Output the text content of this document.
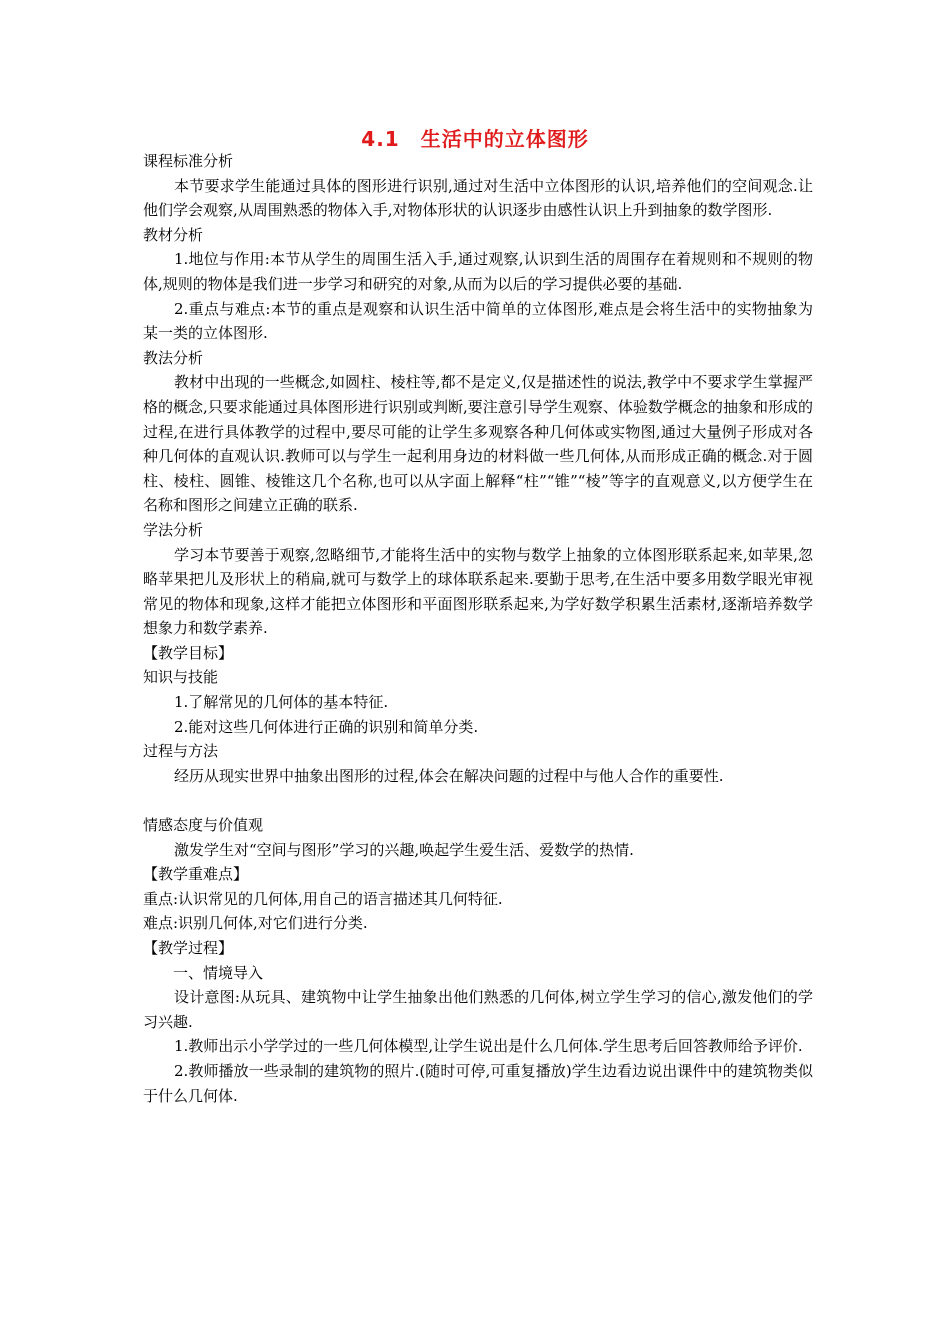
4.1　生活中的立体图形

课程标准分析

本节要求学生能通过具体的图形进行识别,通过对生活中立体图形的认识,培养他们的空间观念.让他们学会观察,从周围熟悉的物体入手,对物体形状的认识逐步由感性认识上升到抽象的数学图形.

教材分析

1.地位与作用:本节从学生的周围生活入手,通过观察,认识到生活的周围存在着规则和不规则的物体,规则的物体是我们进一步学习和研究的对象,从而为以后的学习提供必要的基础.

2.重点与难点:本节的重点是观察和认识生活中简单的立体图形,难点是会将生活中的实物抽象为某一类的立体图形.

教法分析

教材中出现的一些概念,如圆柱、棱柱等,都不是定义,仅是描述性的说法,教学中不要求学生掌握严格的概念,只要求能通过具体图形进行识别或判断,要注意引导学生观察、体验数学概念的抽象和形成的过程,在进行具体教学的过程中,要尽可能的让学生多观察各种几何体或实物图,通过大量例子形成对各种几何体的直观认识.教师可以与学生一起利用身边的材料做一些几何体,从而形成正确的概念.对于圆柱、棱柱、圆锥、棱锥这几个名称,也可以从字面上解释“柱”“锥”“棱”等字的直观意义,以方便学生在名称和图形之间建立正确的联系.

学法分析

学习本节要善于观察,忽略细节,才能将生活中的实物与数学上抽象的立体图形联系起来,如苹果,忽略苹果把儿及形状上的稍扁,就可与数学上的球体联系起来.要勤于思考,在生活中要多用数学眼光审视常见的物体和现象,这样才能把立体图形和平面图形联系起来,为学好数学积累生活素材,逐渐培养数学想象力和数学素养.

【教学目标】

知识与技能

1.了解常见的几何体的基本特征.

2.能对这些几何体进行正确的识别和简单分类.

过程与方法

经历从现实世界中抽象出图形的过程,体会在解决问题的过程中与他人合作的重要性.

情感态度与价值观

激发学生对“空间与图形”学习的兴趣,唤起学生爱生活、爱数学的热情.

【教学重难点】

重点:认识常见的几何体,用自己的语言描述其几何特征.

难点:识别几何体,对它们进行分类.

【教学过程】

一、情境导入

设计意图:从玩具、建筑物中让学生抽象出他们熟悉的几何体,树立学生学习的信心,激发他们的学习兴趣.

1.教师出示小学学过的一些几何体模型,让学生说出是什么几何体.学生思考后回答教师给予评价.

2.教师播放一些录制的建筑物的照片.(随时可停,可重复播放)学生边看边说出课件中的建筑物类似于什么几何体.
